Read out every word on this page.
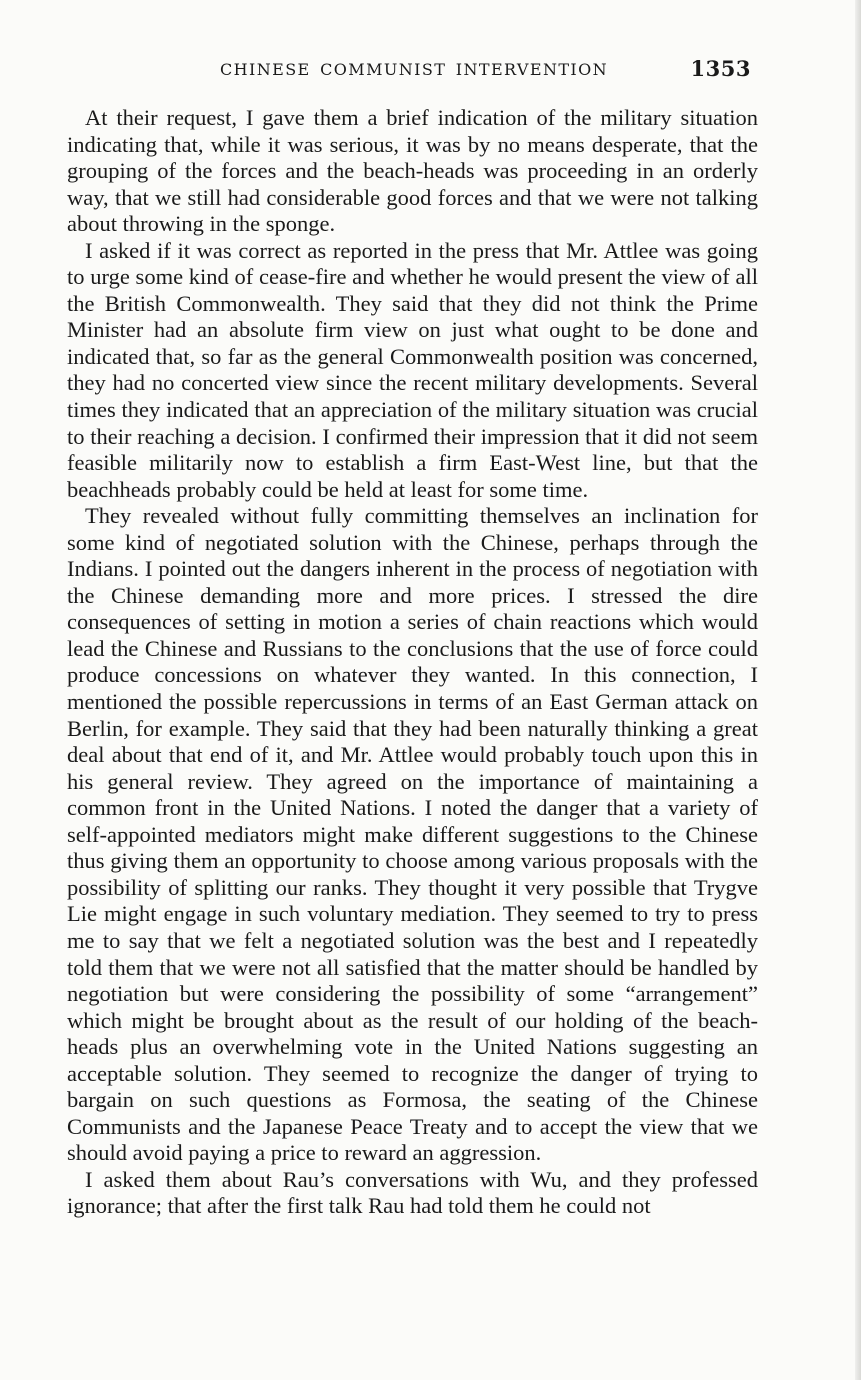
CHINESE COMMUNIST INTERVENTION	1353

At their request, I gave them a brief indication of the military situation indicating that, while it was serious, it was by no means desperate, that the grouping of the forces and the beach-heads was proceeding in an orderly way, that we still had considerable good forces and that we were not talking about throwing in the sponge.

I asked if it was correct as reported in the press that Mr. Attlee was going to urge some kind of cease-fire and whether he would present the view of all the British Commonwealth. They said that they did not think the Prime Minister had an absolute firm view on just what ought to be done and indicated that, so far as the general Commonwealth position was concerned, they had no concerted view since the recent military developments. Several times they indicated that an appreciation of the military situation was crucial to their reaching a decision. I confirmed their impression that it did not seem feasible militarily now to establish a firm East-West line, but that the beachheads probably could be held at least for some time.

They revealed without fully committing themselves an inclination for some kind of negotiated solution with the Chinese, perhaps through the Indians. I pointed out the dangers inherent in the process of negotiation with the Chinese demanding more and more prices. I stressed the dire consequences of setting in motion a series of chain reactions which would lead the Chinese and Russians to the conclusions that the use of force could produce concessions on whatever they wanted. In this connection, I mentioned the possible repercussions in terms of an East German attack on Berlin, for example. They said that they had been naturally thinking a great deal about that end of it, and Mr. Attlee would probably touch upon this in his general review. They agreed on the importance of maintaining a common front in the United Nations. I noted the danger that a variety of self-appointed mediators might make different suggestions to the Chinese thus giving them an opportunity to choose among various proposals with the possibility of splitting our ranks. They thought it very possible that Trygve Lie might engage in such voluntary mediation. They seemed to try to press me to say that we felt a negotiated solution was the best and I repeatedly told them that we were not all satisfied that the matter should be handled by negotiation but were considering the possibility of some “arrangement” which might be brought about as the result of our holding of the beach-heads plus an overwhelming vote in the United Nations suggesting an acceptable solution. They seemed to recognize the danger of trying to bargain on such questions as Formosa, the seating of the Chinese Communists and the Japanese Peace Treaty and to accept the view that we should avoid paying a price to reward an aggression.

I asked them about Rau’s conversations with Wu, and they professed ignorance; that after the first talk Rau had told them he could not
